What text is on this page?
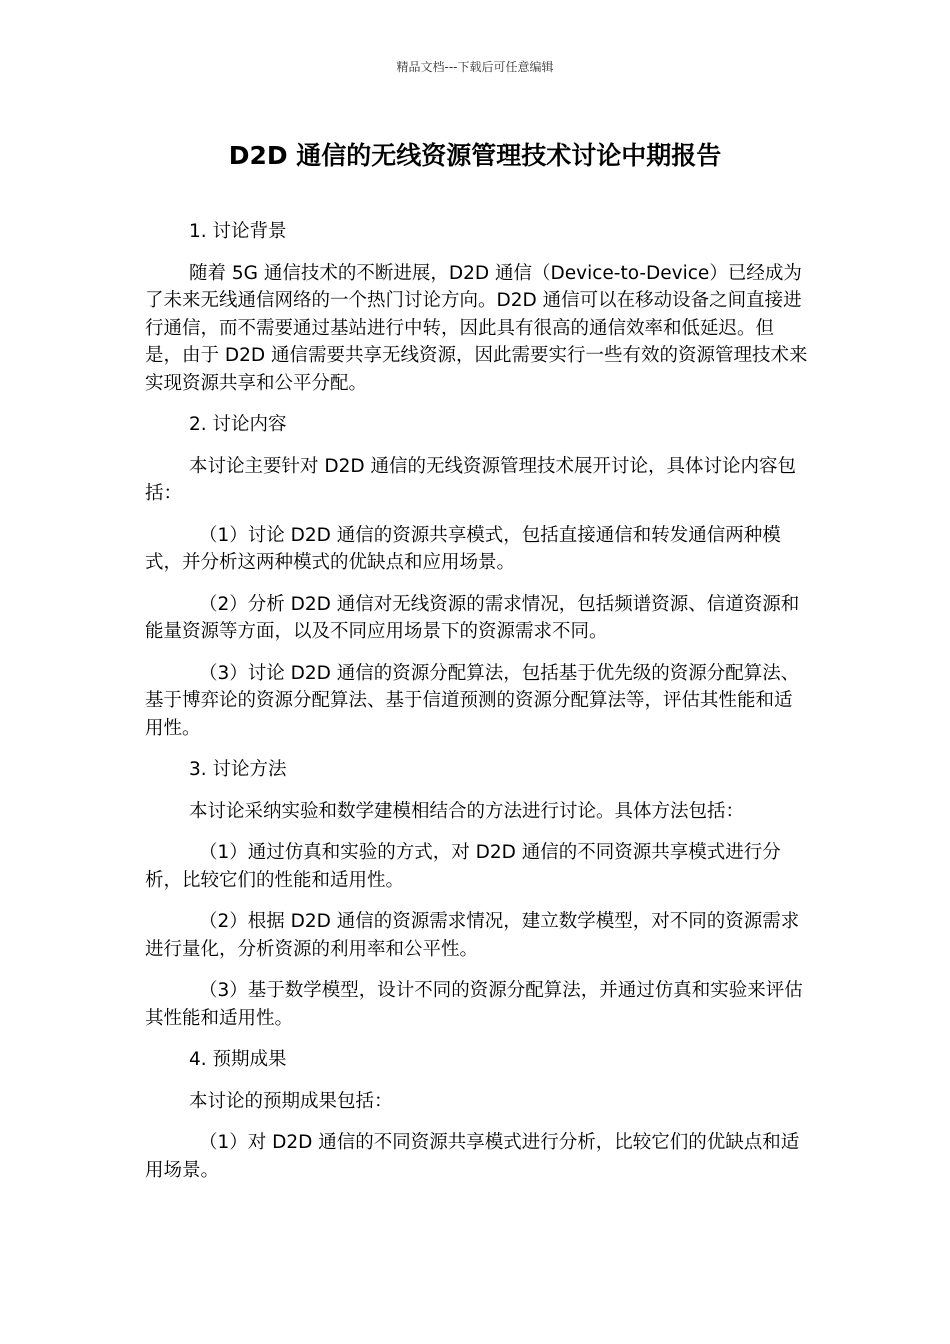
精品文档---下载后可任意编辑
D2D 通信的无线资源管理技术讨论中期报告

1. 讨论背景

随着 5G 通信技术的不断进展，D2D 通信（Device-to-Device）已经成为了未来无线通信网络的一个热门讨论方向。D2D 通信可以在移动设备之间直接进行通信，而不需要通过基站进行中转，因此具有很高的通信效率和低延迟。但是，由于 D2D 通信需要共享无线资源，因此需要实行一些有效的资源管理技术来实现资源共享和公平分配。

2. 讨论内容

本讨论主要针对 D2D 通信的无线资源管理技术展开讨论，具体讨论内容包括：

（1）讨论 D2D 通信的资源共享模式，包括直接通信和转发通信两种模式，并分析这两种模式的优缺点和应用场景。

（2）分析 D2D 通信对无线资源的需求情况，包括频谱资源、信道资源和能量资源等方面，以及不同应用场景下的资源需求不同。

（3）讨论 D2D 通信的资源分配算法，包括基于优先级的资源分配算法、基于博弈论的资源分配算法、基于信道预测的资源分配算法等，评估其性能和适用性。

3. 讨论方法

本讨论采纳实验和数学建模相结合的方法进行讨论。具体方法包括：

（1）通过仿真和实验的方式，对 D2D 通信的不同资源共享模式进行分析，比较它们的性能和适用性。

（2）根据 D2D 通信的资源需求情况，建立数学模型，对不同的资源需求进行量化，分析资源的利用率和公平性。

（3）基于数学模型，设计不同的资源分配算法，并通过仿真和实验来评估其性能和适用性。

4. 预期成果

本讨论的预期成果包括：

（1）对 D2D 通信的不同资源共享模式进行分析，比较它们的优缺点和适用场景。
